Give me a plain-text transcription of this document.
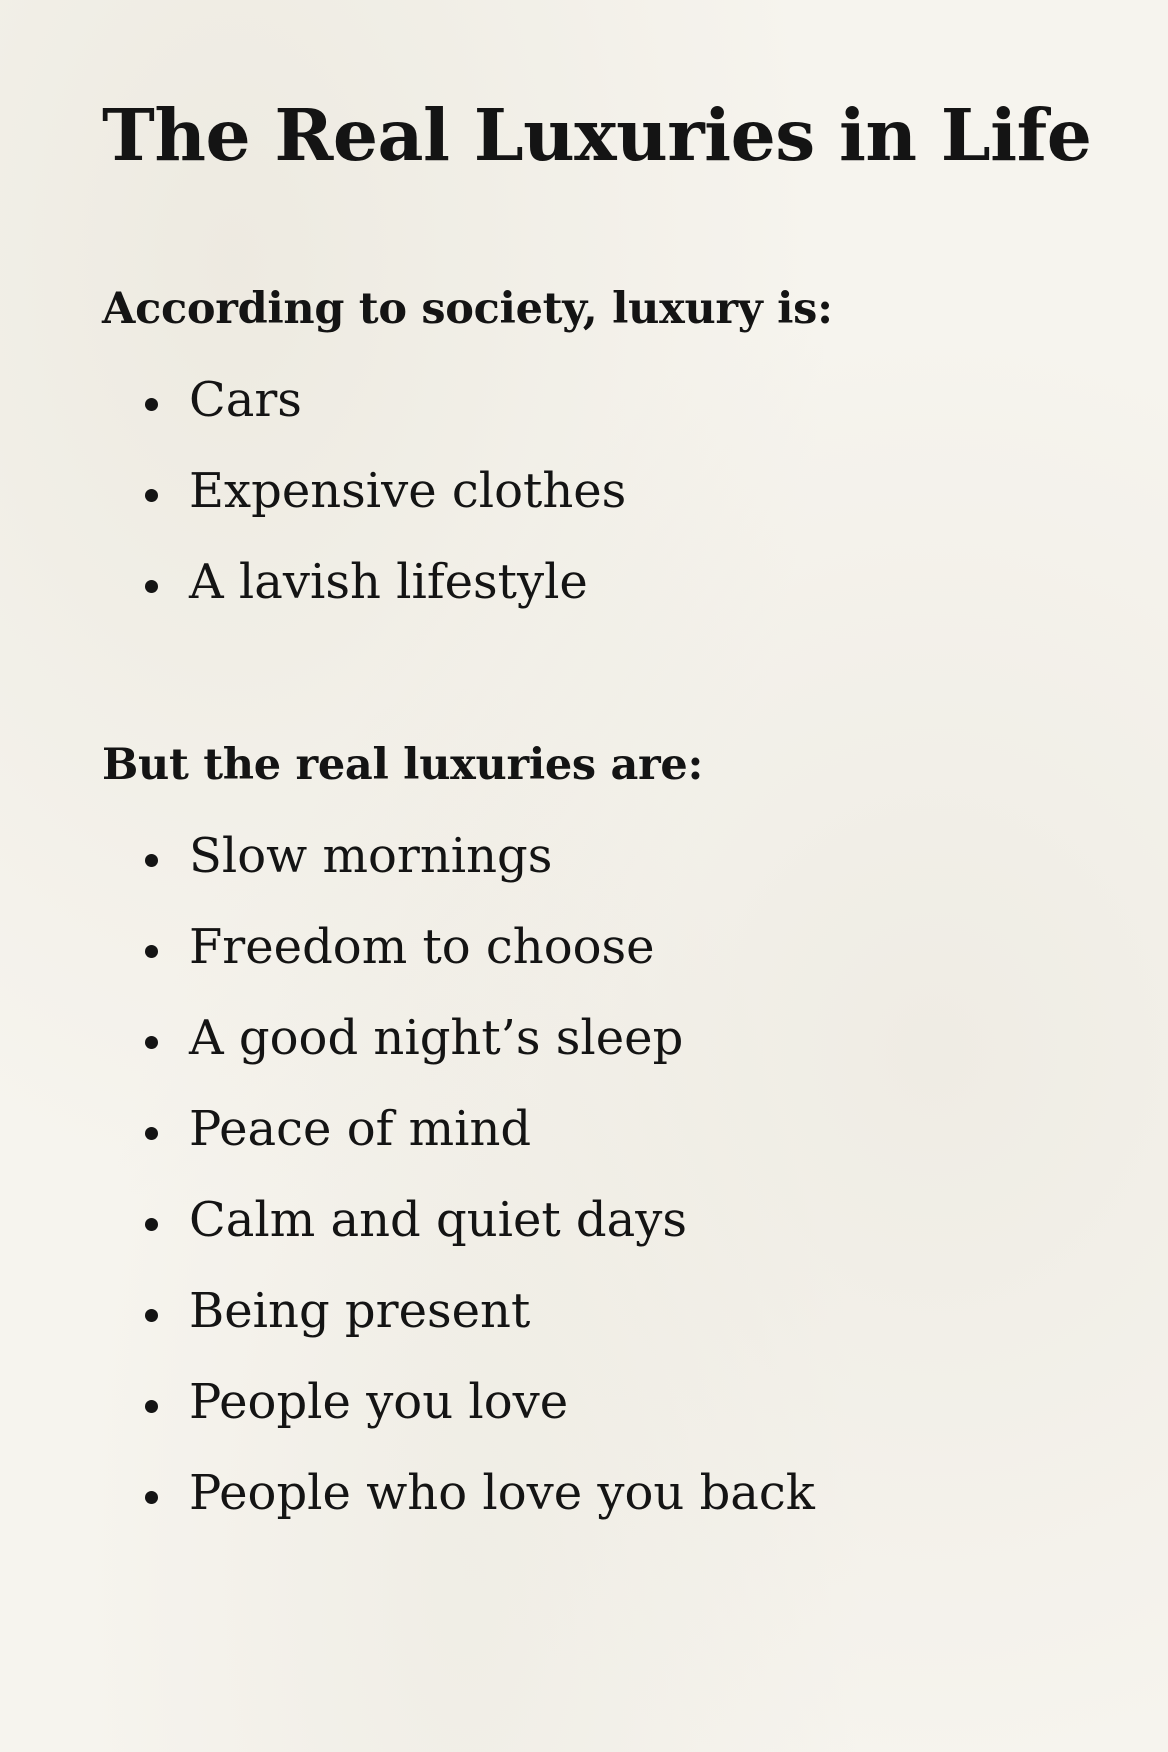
The Real Luxuries in Life
According to society, luxury is:
Cars
Expensive clothes
A lavish lifestyle
But the real luxuries are:
Slow mornings
Freedom to choose
A good night’s sleep
Peace of mind
Calm and quiet days
Being present
People you love
People who love you back
